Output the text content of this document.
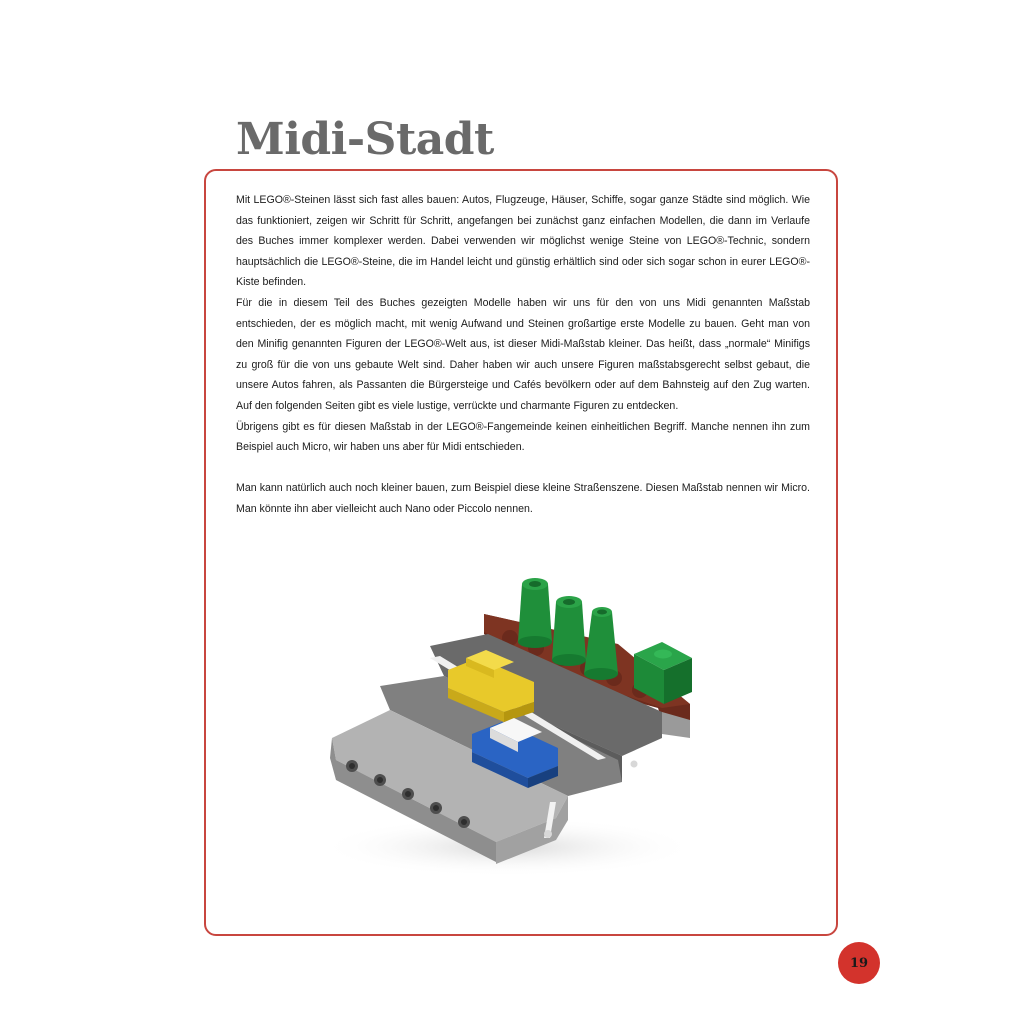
Midi-Stadt

Mit LEGO®-Steinen lässt sich fast alles bauen: Autos, Flugzeuge, Häuser, Schiffe, sogar ganze Städte sind möglich. Wie das funktioniert, zeigen wir Schritt für Schritt, angefangen bei zunächst ganz einfachen Modellen, die dann im Verlaufe des Buches immer komplexer werden. Dabei verwenden wir möglichst wenige Steine von LEGO®-Technic, sondern hauptsächlich die LEGO®-Steine, die im Handel leicht und günstig erhältlich sind oder sich sogar schon in eurer LEGO®-Kiste befinden.

Für die in diesem Teil des Buches gezeigten Modelle haben wir uns für den von uns Midi genannten Maßstab entschieden, der es möglich macht, mit wenig Aufwand und Steinen großartige erste Modelle zu bauen. Geht man von den Minifig genannten Figuren der LEGO®-Welt aus, ist dieser Midi-Maßstab kleiner. Das heißt, dass „normale“ Minifigs zu groß für die von uns gebaute Welt sind. Daher haben wir auch unsere Figuren maßstabsgerecht selbst gebaut, die unsere Autos fahren, als Passanten die Bürgersteige und Cafés bevölkern oder auf dem Bahnsteig auf den Zug warten. Auf den folgenden Seiten gibt es viele lustige, verrückte und charmante Figuren zu entdecken.

Übrigens gibt es für diesen Maßstab in der LEGO®-Fangemeinde keinen einheitlichen Begriff. Manche nennen ihn zum Beispiel auch Micro, wir haben uns aber für Midi entschieden.

Man kann natürlich auch noch kleiner bauen, zum Beispiel diese kleine Straßenszene. Diesen Maßstab nennen wir Micro. Man könnte ihn aber vielleicht auch Nano oder Piccolo nennen.

19
